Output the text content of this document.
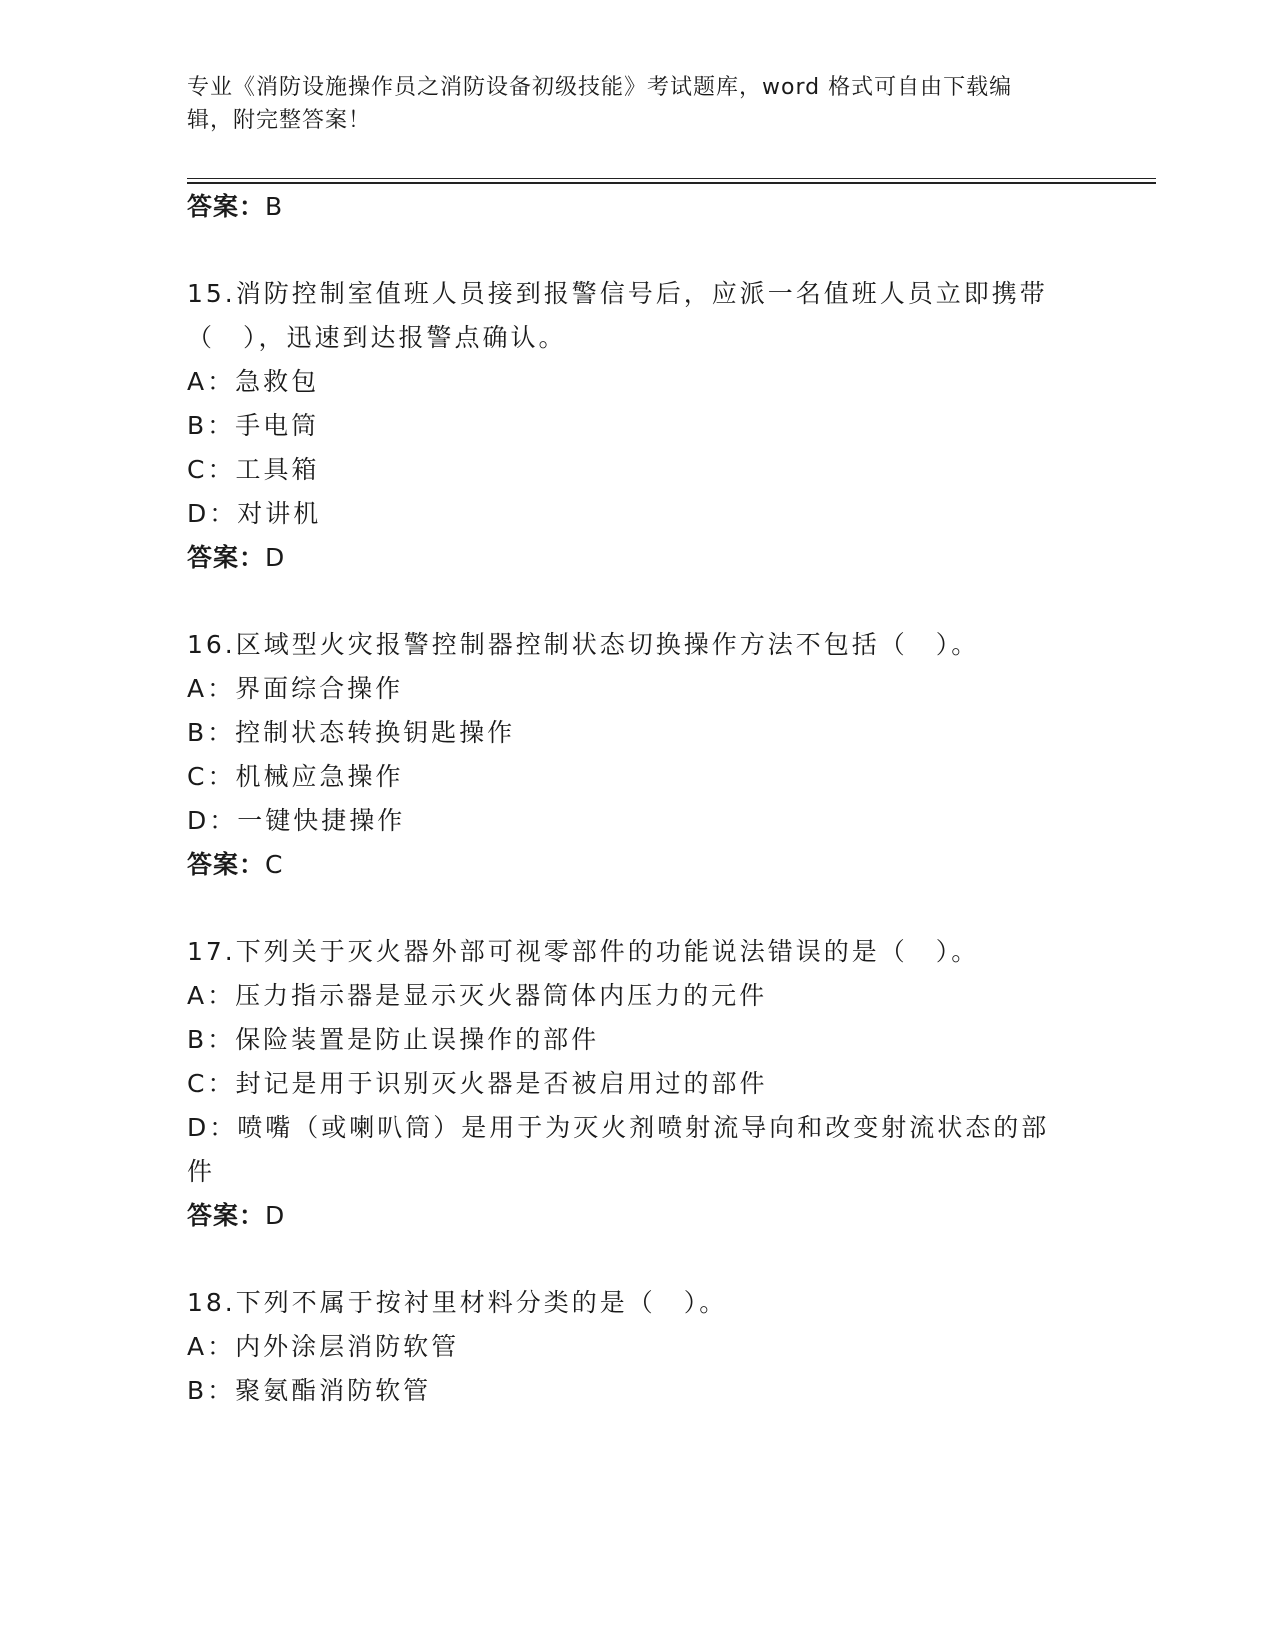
专业《消防设施操作员之消防设备初级技能》考试题库，word 格式可自由下载编
辑，附完整答案！
答案：B
15.消防控制室值班人员接到报警信号后，应派一名值班人员立即携带
（　），迅速到达报警点确认。
A：急救包
B：手电筒
C：工具箱
D：对讲机
答案：D
16.区域型火灾报警控制器控制状态切换操作方法不包括（　）。
A：界面综合操作
B：控制状态转换钥匙操作
C：机械应急操作
D：一键快捷操作
答案：C
17.下列关于灭火器外部可视零部件的功能说法错误的是（　）。
A：压力指示器是显示灭火器筒体内压力的元件
B：保险装置是防止误操作的部件
C：封记是用于识别灭火器是否被启用过的部件
D：喷嘴（或喇叭筒）是用于为灭火剂喷射流导向和改变射流状态的部
件
答案：D
18.下列不属于按衬里材料分类的是（　）。
A：内外涂层消防软管
B：聚氨酯消防软管
